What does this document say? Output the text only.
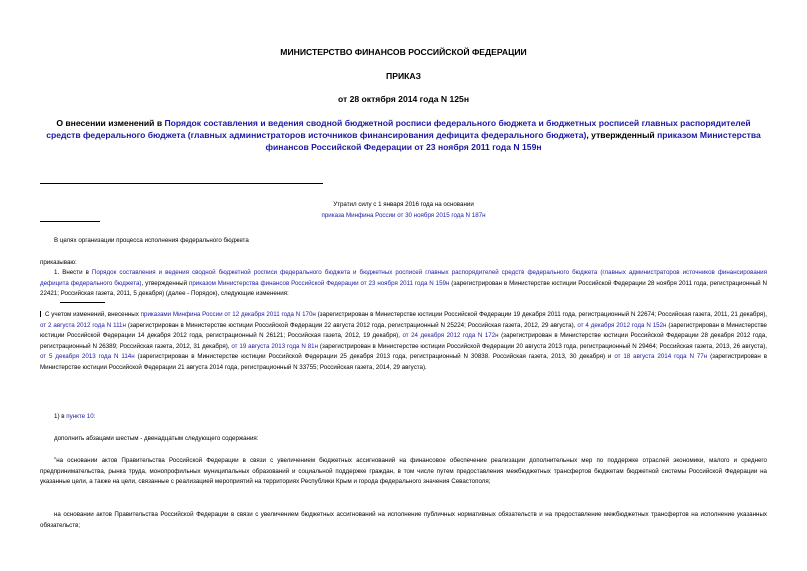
МИНИСТЕРСТВО ФИНАНСОВ РОССИЙСКОЙ ФЕДЕРАЦИИ
ПРИКАЗ
от 28 октября 2014 года N 125н
О внесении изменений в Порядок составления и ведения сводной бюджетной росписи федерального бюджета и бюджетных росписей главных распорядителей средств федерального бюджета (главных администраторов источников финансирования дефицита федерального бюджета), утвержденный приказом Министерства финансов Российской Федерации от 23 ноября 2011 года N 159н
Утратил силу с 1 января 2016 года на основании
приказа Минфина России от 30 ноября 2015 года N 187н
В целях организации процесса исполнения федерального бюджета
приказываю:
1. Внести в Порядок составления и ведения сводной бюджетной росписи федерального бюджета и бюджетных росписей главных распорядителей средств федерального бюджета (главных администраторов источников финансирования дефицита федерального бюджета), утвержденный приказом Министерства финансов Российской Федерации от 23 ноября 2011 года N 159н (зарегистрирован в Министерстве юстиции Российской Федерации 28 ноября 2011 года, регистрационный N 22421; Российская газета, 2011, 5 декабря) (далее - Порядок), следующие изменения:
С учетом изменений, внесенных приказами Минфина России от 12 декабря 2011 года N 170н (зарегистрирован в Министерстве юстиции Российской Федерации 19 декабря 2011 года, регистрационный N 22674; Российская газета, 2011, 21 декабря), от 2 августа 2012 года N 111н (зарегистрирован в Министерстве юстиции Российской Федерации 22 августа 2012 года, регистрационный N 25224; Российская газета, 2012, 29 августа), от 4 декабря 2012 года N 152н (зарегистрирован в Министерстве юстиции Российской Федерации 14 декабря 2012 года, регистрационный N 26121; Российская газета, 2012, 19 декабря), от 24 декабря 2012 года N 172н (зарегистрирован в Министерстве юстиции Российской Федерации 28 декабря 2012 года, регистрационный N 26389; Российская газета, 2012, 31 декабря), от 19 августа 2013 года N 81н (зарегистрирован в Министерстве юстиции Российской Федерации 20 августа 2013 года, регистрационный N 29464; Российская газета, 2013, 26 августа), от 5 декабря 2013 года N 114н (зарегистрирован в Министерстве юстиции Российской Федерации 25 декабря 2013 года, регистрационный N 30838. Российская газета, 2013, 30 декабря) и от 18 августа 2014 года N 77н (зарегистрирован в Министерстве юстиции Российской Федерации 21 августа 2014 года, регистрационный N 33755; Российская газета, 2014, 29 августа).
1) в пункте 10:
дополнить абзацами шестым - двенадцатым следующего содержания:
"на основании актов Правительства Российской Федерации в связи с увеличением бюджетных ассигнований на финансовое обеспечение реализации дополнительных мер по поддержке отраслей экономики, малого и среднего предпринимательства, рынка труда, монопрофильных муниципальных образований и социальной поддержке граждан, в том числе путем предоставления межбюджетных трансфертов бюджетам бюджетной системы Российской Федерации на указанные цели, а также на цели, связанные с реализацией мероприятий на территориях Республики Крым и города федерального значения Севастополя;
на основании актов Правительства Российской Федерации в связи с увеличением бюджетных ассигнований на исполнение публичных нормативных обязательств и на предоставление межбюджетных трансфертов на исполнение указанных обязательств;
